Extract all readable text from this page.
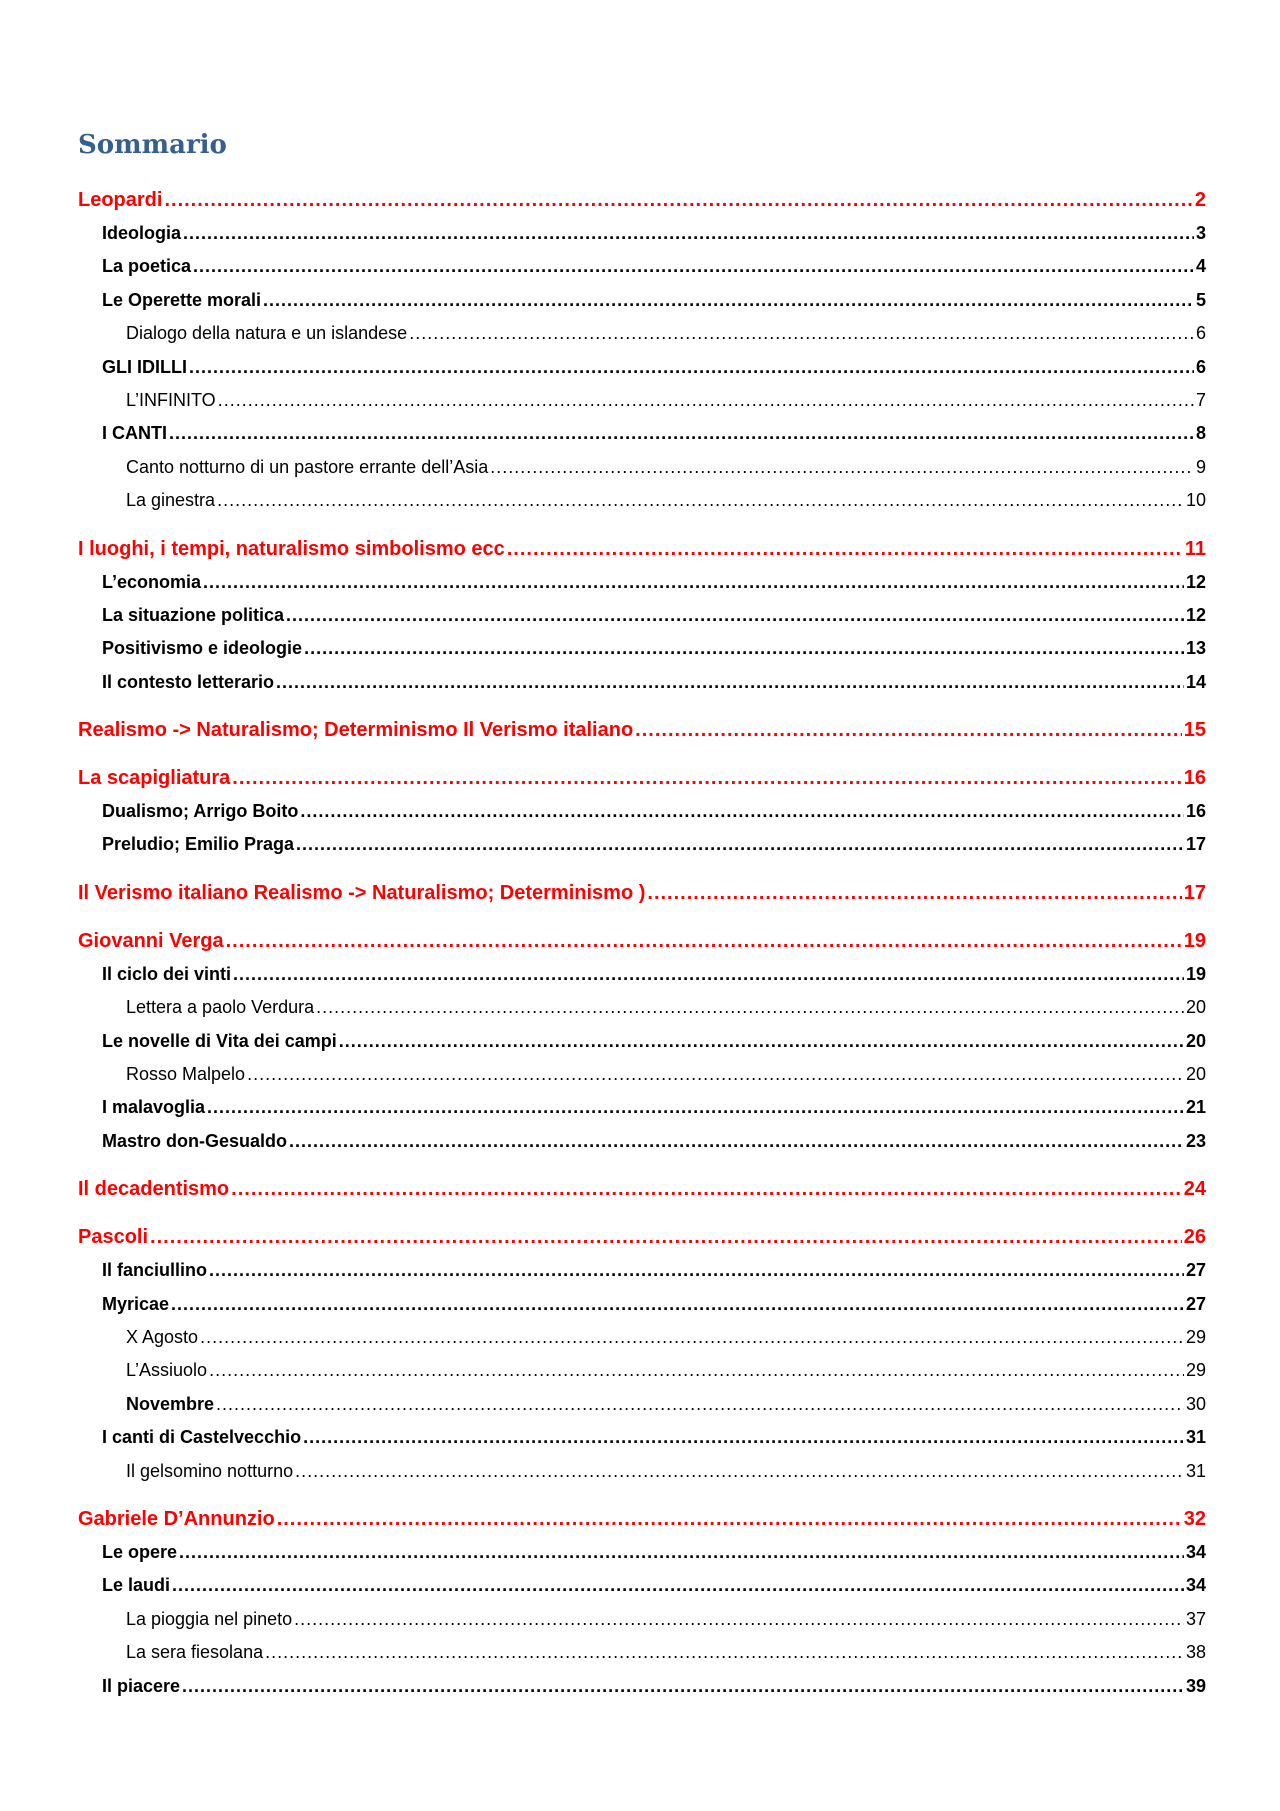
Sommario
Leopardi .....	2
Ideologia .....	3
La poetica .....	4
Le Operette morali .....	5
Dialogo della natura e un islandese .....	6
GLI IDILLI .....	6
L’INFINITO .....	7
I CANTI .....	8
Canto notturno di un pastore errante dell’Asia .....	9
La ginestra .....	10
I luoghi, i tempi, naturalismo simbolismo ecc .....	11
L’economia .....	12
La situazione politica .....	12
Positivismo e ideologie .....	13
Il contesto letterario .....	14
Realismo -> Naturalismo; Determinismo Il Verismo italiano .....	15
La scapigliatura .....	16
Dualismo; Arrigo Boito .....	16
Preludio; Emilio Praga .....	17
Il Verismo italiano Realismo -> Naturalismo; Determinismo ) .....	17
Giovanni Verga .....	19
Il ciclo dei vinti .....	19
Lettera a paolo Verdura .....	20
Le novelle di Vita dei campi .....	20
Rosso Malpelo .....	20
I malavoglia .....	21
Mastro don-Gesualdo .....	23
Il decadentismo .....	24
Pascoli .....	26
Il fanciullino .....	27
Myricae .....	27
X Agosto .....	29
L’Assiuolo .....	29
Novembre .....	30
I canti di Castelvecchio .....	31
Il gelsomino notturno .....	31
Gabriele D’Annunzio .....	32
Le opere .....	34
Le laudi .....	34
La pioggia nel pineto .....	37
La sera fiesolana .....	38
Il piacere .....	39
